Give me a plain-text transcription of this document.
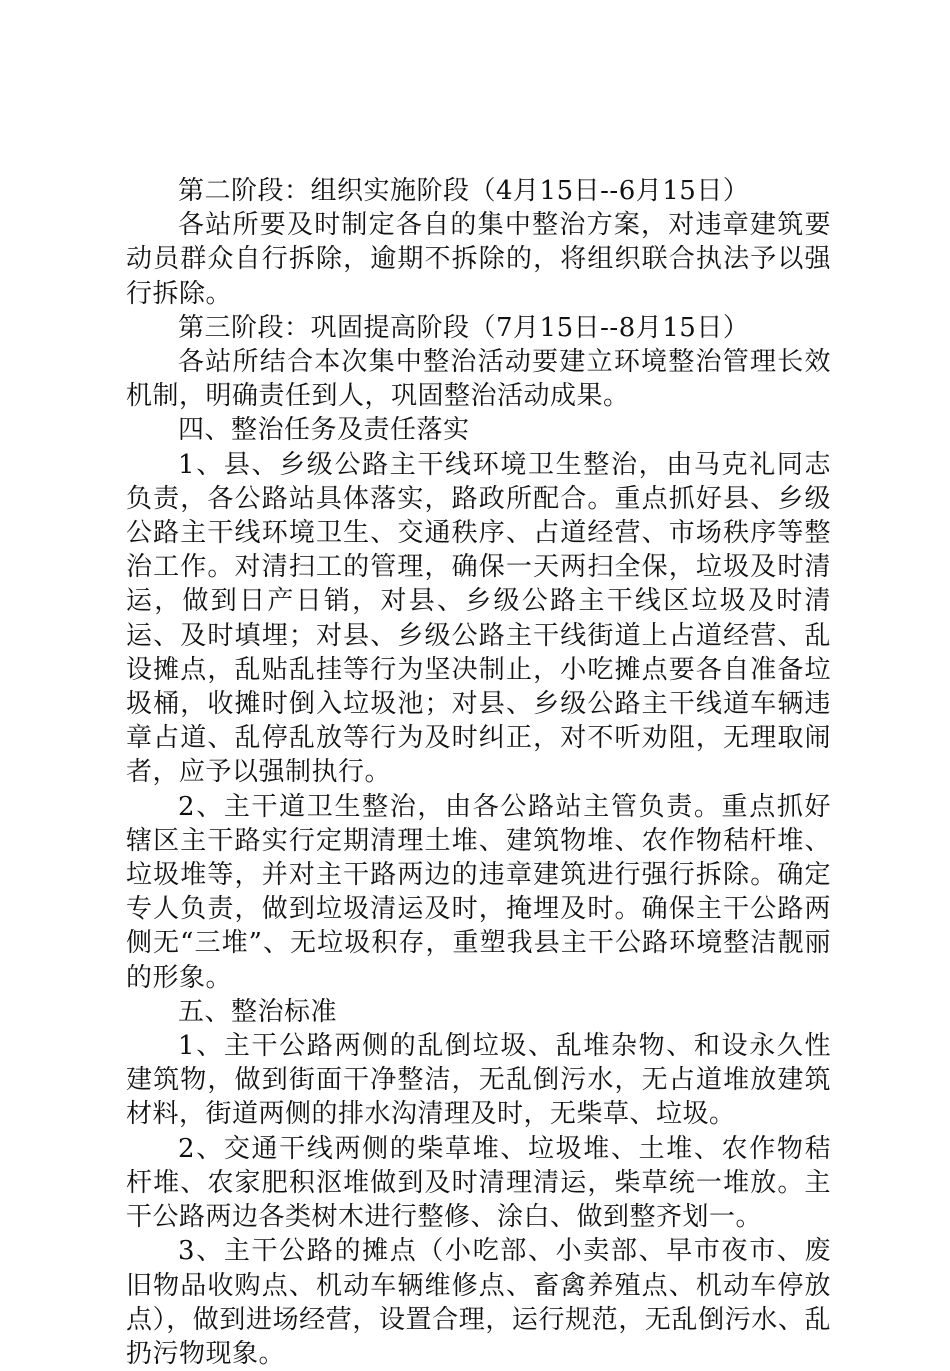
第二阶段：组织实施阶段（4月15日--6月15日）

各站所要及时制定各自的集中整治方案，对违章建筑要动员群众自行拆除，逾期不拆除的，将组织联合执法予以强行拆除。

第三阶段：巩固提高阶段（7月15日--8月15日）

各站所结合本次集中整治活动要建立环境整治管理长效机制，明确责任到人，巩固整治活动成果。

四、整治任务及责任落实

1、县、乡级公路主干线环境卫生整治，由马克礼同志负责，各公路站具体落实，路政所配合。重点抓好县、乡级公路主干线环境卫生、交通秩序、占道经营、市场秩序等整治工作。对清扫工的管理，确保一天两扫全保，垃圾及时清运，做到日产日销，对县、乡级公路主干线区垃圾及时清运、及时填埋；对县、乡级公路主干线街道上占道经营、乱设摊点，乱贴乱挂等行为坚决制止，小吃摊点要各自准备垃圾桶，收摊时倒入垃圾池；对县、乡级公路主干线道车辆违章占道、乱停乱放等行为及时纠正，对不听劝阻，无理取闹者，应予以强制执行。

2、主干道卫生整治，由各公路站主管负责。重点抓好辖区主干路实行定期清理土堆、建筑物堆、农作物秸杆堆、垃圾堆等，并对主干路两边的违章建筑进行强行拆除。确定专人负责，做到垃圾清运及时，掩埋及时。确保主干公路两侧无“三堆”、无垃圾积存，重塑我县主干公路环境整洁靓丽的形象。

五、整治标准

1、主干公路两侧的乱倒垃圾、乱堆杂物、和设永久性建筑物，做到街面干净整洁，无乱倒污水，无占道堆放建筑材料，街道两侧的排水沟清理及时，无柴草、垃圾。

2、交通干线两侧的柴草堆、垃圾堆、土堆、农作物秸杆堆、农家肥积沤堆做到及时清理清运，柴草统一堆放。主干公路两边各类树木进行整修、涂白、做到整齐划一。

3、主干公路的摊点（小吃部、小卖部、早市夜市、废旧物品收购点、机动车辆维修点、畜禽养殖点、机动车停放点），做到进场经营，设置合理，运行规范，无乱倒污水、乱扔污物现象。
